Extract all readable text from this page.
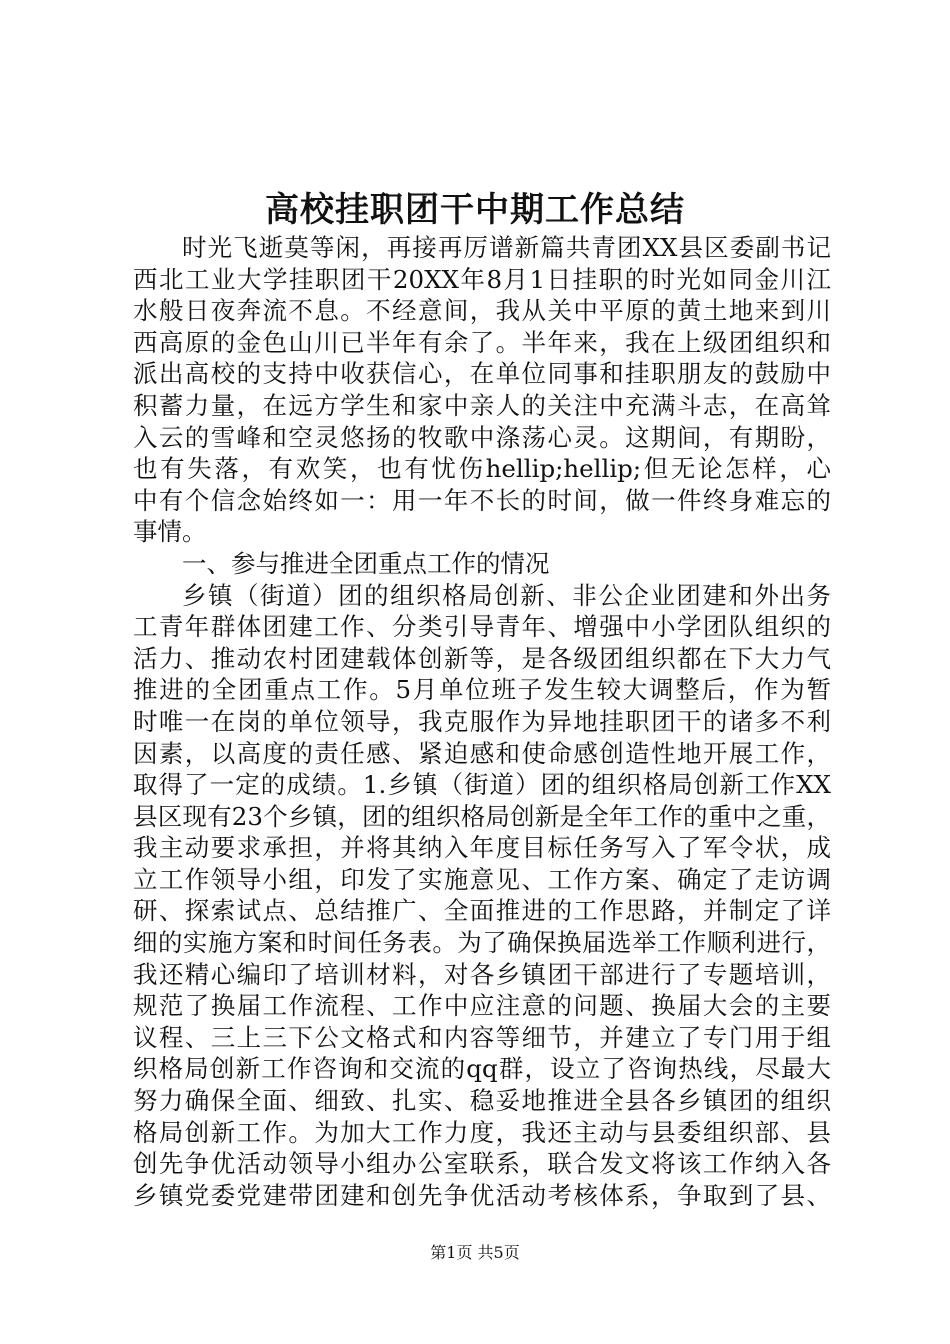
高校挂职团干中期工作总结
时光飞逝莫等闲，再接再厉谱新篇共青团XX县区委副书记
西北工业大学挂职团干20XX年8月1日挂职的时光如同金川江
水般日夜奔流不息。不经意间，我从关中平原的黄土地来到川
西高原的金色山川已半年有余了。半年来，我在上级团组织和
派出高校的支持中收获信心，在单位同事和挂职朋友的鼓励中
积蓄力量，在远方学生和家中亲人的关注中充满斗志，在高耸
入云的雪峰和空灵悠扬的牧歌中涤荡心灵。这期间，有期盼，
也有失落，有欢笑，也有忧伤hellip;hellip;但无论怎样，心
中有个信念始终如一：用一年不长的时间，做一件终身难忘的
事情。
一、参与推进全团重点工作的情况
乡镇（街道）团的组织格局创新、非公企业团建和外出务
工青年群体团建工作、分类引导青年、增强中小学团队组织的
活力、推动农村团建载体创新等，是各级团组织都在下大力气
推进的全团重点工作。5月单位班子发生较大调整后，作为暂
时唯一在岗的单位领导，我克服作为异地挂职团干的诸多不利
因素，以高度的责任感、紧迫感和使命感创造性地开展工作，
取得了一定的成绩。1.乡镇（街道）团的组织格局创新工作XX
县区现有23个乡镇，团的组织格局创新是全年工作的重中之重，
我主动要求承担，并将其纳入年度目标任务写入了军令状，成
立工作领导小组，印发了实施意见、工作方案、确定了走访调
研、探索试点、总结推广、全面推进的工作思路，并制定了详
细的实施方案和时间任务表。为了确保换届选举工作顺利进行，
我还精心编印了培训材料，对各乡镇团干部进行了专题培训，
规范了换届工作流程、工作中应注意的问题、换届大会的主要
议程、三上三下公文格式和内容等细节，并建立了专门用于组
织格局创新工作咨询和交流的qq群，设立了咨询热线，尽最大
努力确保全面、细致、扎实、稳妥地推进全县各乡镇团的组织
格局创新工作。为加大工作力度，我还主动与县委组织部、县
创先争优活动领导小组办公室联系，联合发文将该工作纳入各
乡镇党委党建带团建和创先争优活动考核体系，争取到了县、
第1页 共5页
